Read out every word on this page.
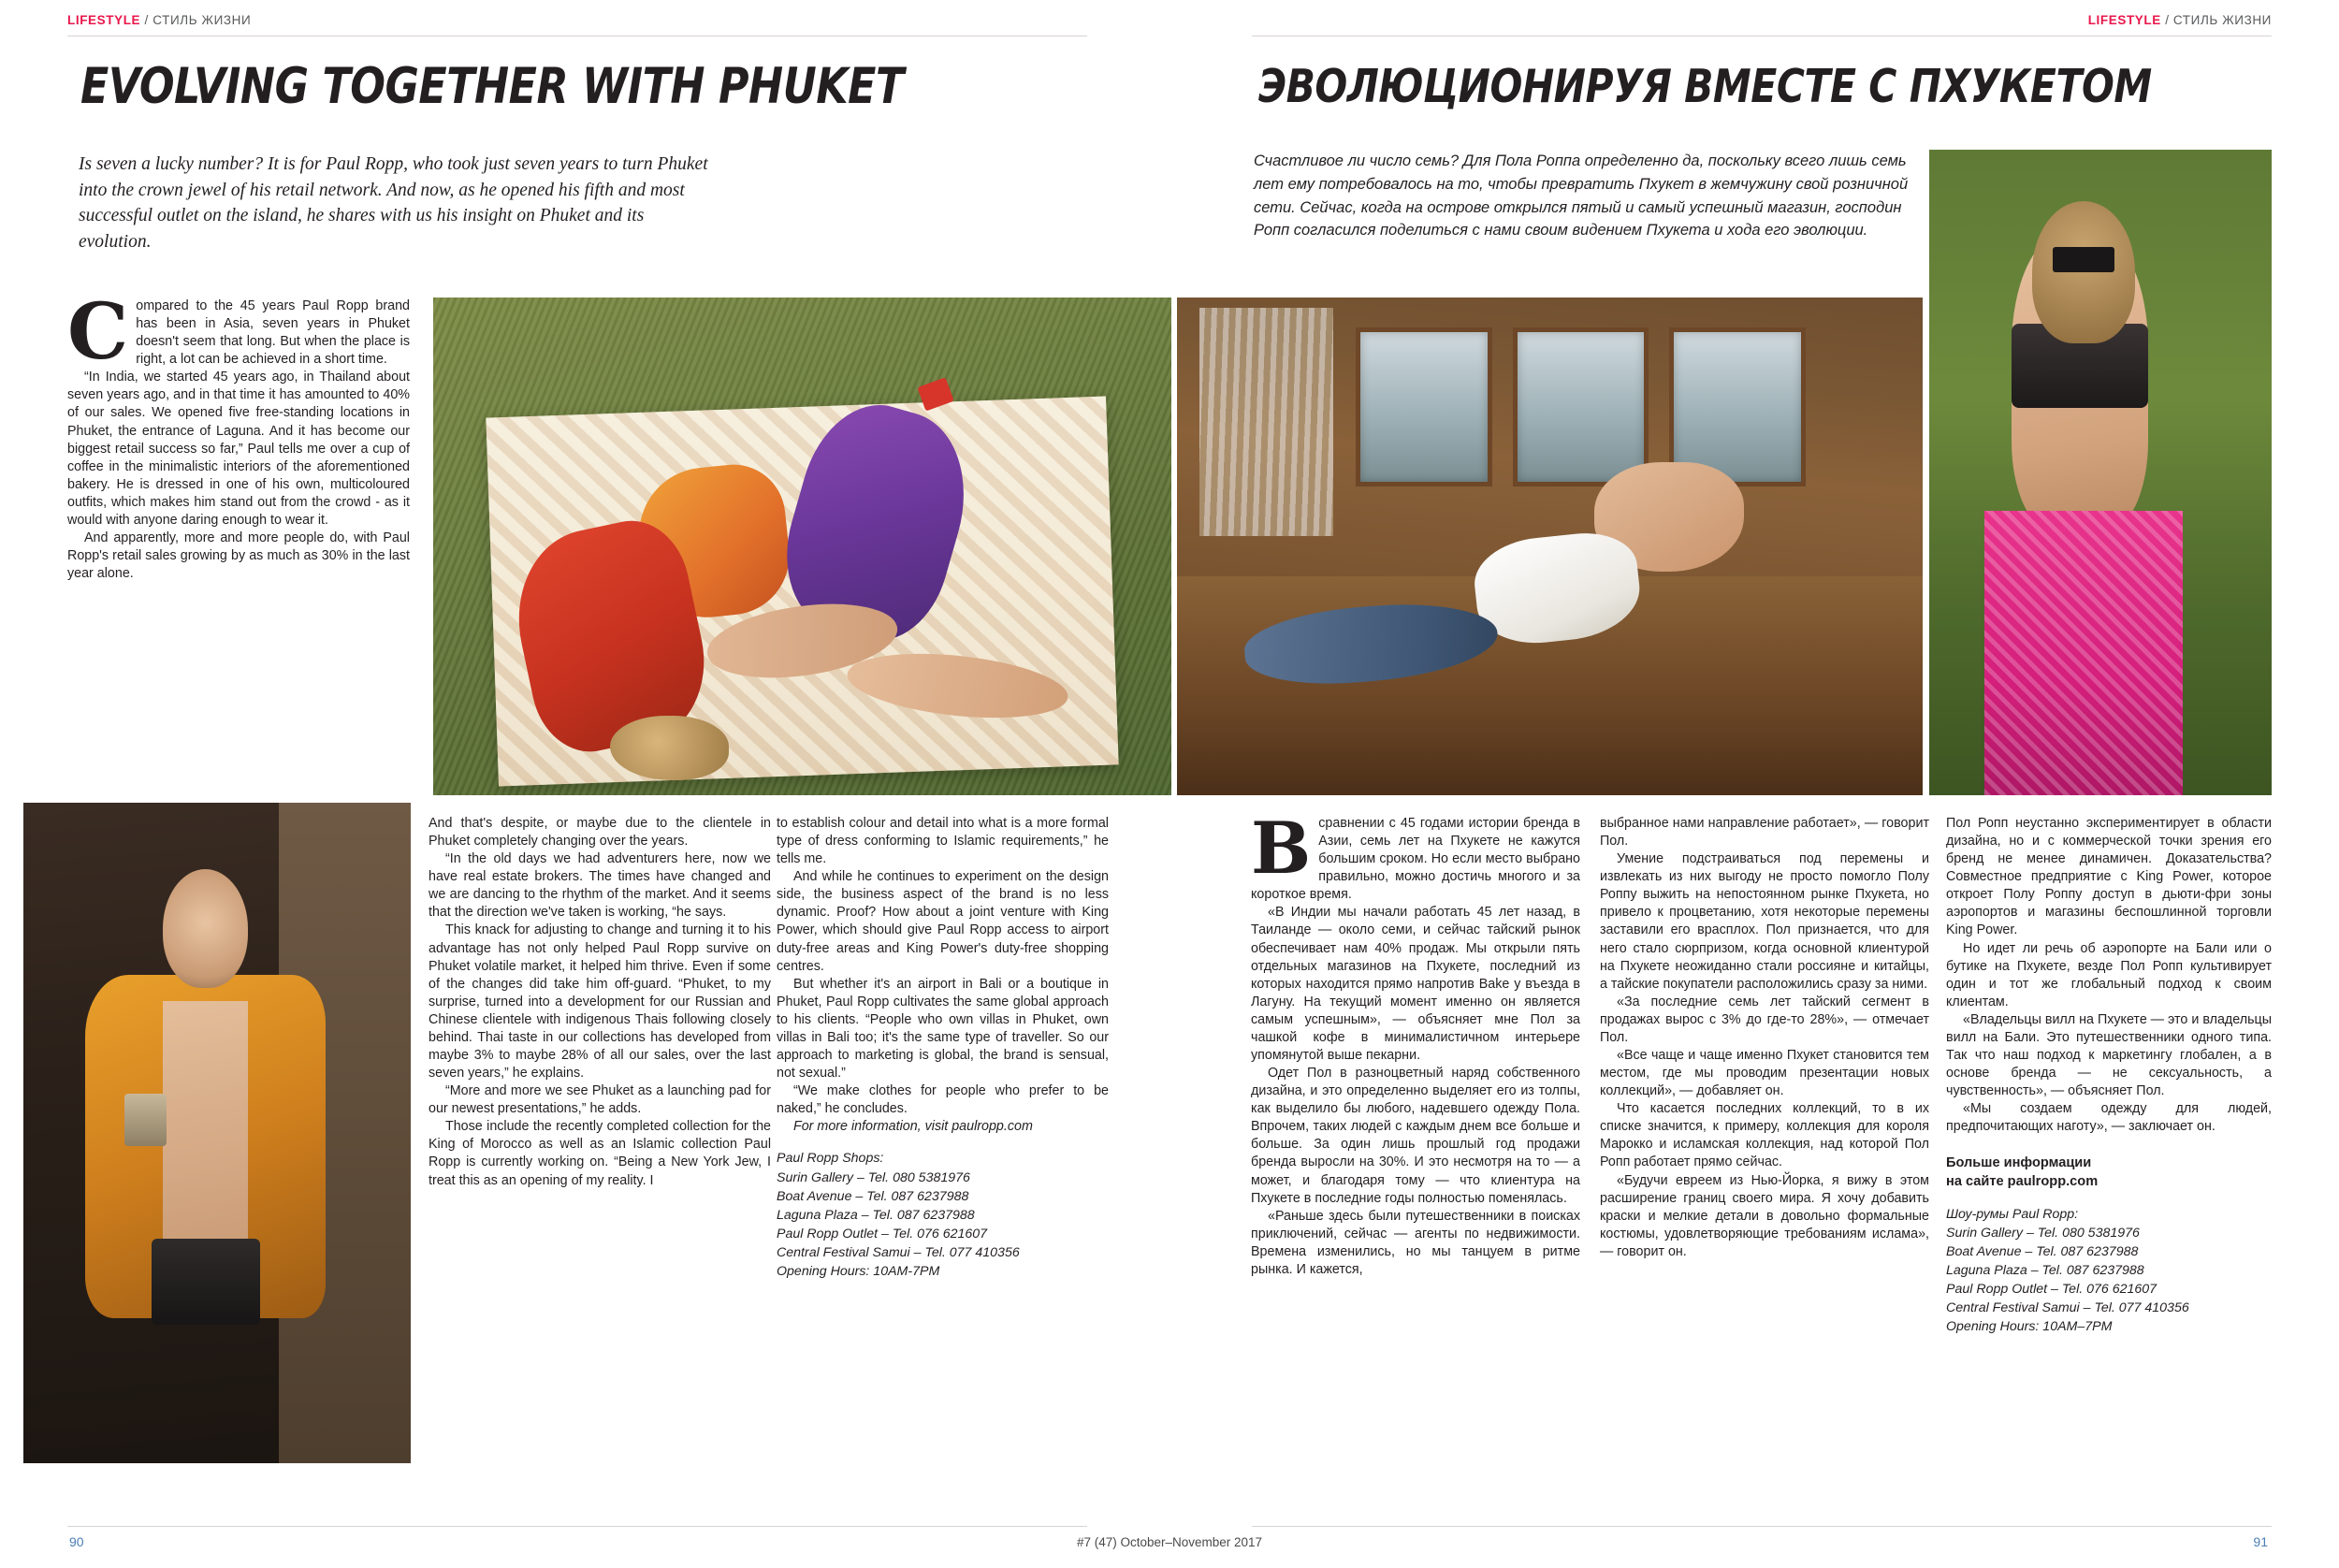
LIFESTYLE / СТИЛЬ ЖИЗНИ	LIFESTYLE / СТИЛЬ ЖИЗНИ
EVOLVING TOGETHER WITH PHUKET	ЭВОЛЮЦИОНИРУЯ ВМЕСТЕ С ПХУКЕТОМ
Is seven a lucky number? It is for Paul Ropp, who took just seven years to turn Phuket into the crown jewel of his retail network. And now, as he opened his fifth and most successful outlet on the island, he shares with us his insight on Phuket and its evolution.
Счастливое ли число семь? Для Пола Роппа определенно да, поскольку всего лишь семь лет ему потребовалось на то, чтобы превратить Пхукет в жемчужину свой розничной сети. Сейчас, когда на острове открылся пятый и самый успешный магазин, господин Ропп согласился поделиться с нами своим видением Пхукета и хода его эволюции.

Compared to the 45 years Paul Ropp brand has been in Asia, seven years in Phuket doesn't seem that long. But when the place is right, a lot can be achieved in a short time.

“In India, we started 45 years ago, in Thailand about seven years ago, and in that time it has amounted to 40% of our sales. We opened five free-standing locations in Phuket, the entrance of Laguna. And it has become our biggest retail success so far,” Paul tells me over a cup of coffee in the minimalistic interiors of the aforementioned bakery. He is dressed in one of his own, multicoloured outfits, which makes him stand out from the crowd - as it would with anyone daring enough to wear it.

And apparently, more and more people do, with Paul Ropp's retail sales growing by as much as 30% in the last year alone.

And that's despite, or maybe due to the clientele in Phuket completely changing over the years.

“In the old days we had adventurers here, now we have real estate brokers. The times have changed and we are dancing to the rhythm of the market. And it seems that the direction we've taken is working, “he says.

This knack for adjusting to change and turning it to his advantage has not only helped Paul Ropp survive on Phuket volatile market, it helped him thrive. Even if some of the changes did take him off-guard. “Phuket, to my surprise, turned into a development for our Russian and Chinese clientele with indigenous Thais following closely behind. Thai taste in our collections has developed from maybe 3% to maybe 28% of all our sales, over the last seven years,” he explains.

“More and more we see Phuket as a launching pad for our newest presentations,” he adds.

Those include the recently completed collection for the King of Morocco as well as an Islamic collection Paul Ropp is currently working on. “Being a New York Jew, I treat this as an opening of my reality. I

to establish colour and detail into what is a more formal type of dress conforming to Islamic requirements,” he tells me.

And while he continues to experiment on the design side, the business aspect of the brand is no less dynamic. Proof? How about a joint venture with King Power, which should give Paul Ropp access to airport duty-free areas and King Power's duty-free shopping centres.

But whether it's an airport in Bali or a boutique in Phuket, Paul Ropp cultivates the same global approach to his clients. “People who own villas in Phuket, own villas in Bali too; it's the same type of traveller. So our approach to marketing is global, the brand is sensual, not sexual.”

“We make clothes for people who prefer to be naked,” he concludes.

For more information, visit paulropp.com

Paul Ropp Shops:
Surin Gallery – Tel. 080 5381976
Boat Avenue – Tel. 087 6237988
Laguna Plaza – Tel. 087 6237988
Paul Ropp Outlet – Tel. 076 621607
Central Festival Samui – Tel. 077 410356
Opening Hours: 10AM-7PM

Всравнении с 45 годами истории бренда в Азии, семь лет на Пхукете не кажутся большим сроком. Но если место выбрано правильно, можно достичь многого и за короткое время.

«В Индии мы начали работать 45 лет назад, в Таиланде — около семи, и сейчас тайский рынок обеспечивает нам 40% продаж. Мы открыли пять отдельных магазинов на Пхукете, последний из которых находится прямо напротив Bake у въезда в Лагуну. На текущий момент именно он является самым успешным», — объясняет мне Пол за чашкой кофе в минималистичном интерьере упомянутой выше пекарни.

Одет Пол в разноцветный наряд собственного дизайна, и это определенно выделяет его из толпы, как выделило бы любого, надевшего одежду Пола. Впрочем, таких людей с каждым днем все больше и больше. За один лишь прошлый год продажи бренда выросли на 30%. И это несмотря на то — а может, и благодаря тому — что клиентура на Пхукете в последние годы полностью поменялась.

«Раньше здесь были путешественники в поисках приключений, сейчас — агенты по недвижимости. Времена изменились, но мы танцуем в ритме рынка. И кажется,

выбранное нами направление работает», — говорит Пол.

Умение подстраиваться под перемены и извлекать из них выгоду не просто помогло Полу Роппу выжить на непостоянном рынке Пхукета, но привело к процветанию, хотя некоторые перемены заставили его врасплох. Пол признается, что для него стало сюрпризом, когда основной клиентурой на Пхукете неожиданно стали россияне и китайцы, а тайские покупатели расположились сразу за ними.

«За последние семь лет тайский сегмент в продажах вырос с 3% до где-то 28%», — отмечает Пол.

«Все чаще и чаще именно Пхукет становится тем местом, где мы проводим презентации новых коллекций», — добавляет он.

Что касается последних коллекций, то в их списке значится, к примеру, коллекция для короля Марокко и исламская коллекция, над которой Пол Ропп работает прямо сейчас.

«Будучи евреем из Нью-Йорка, я вижу в этом расширение границ своего мира. Я хочу добавить краски и мелкие детали в довольно формальные костюмы, удовлетворяющие требованиям ислама», — говорит он.

Пол Ропп неустанно экспериментирует в области дизайна, но и с коммерческой точки зрения его бренд не менее динамичен. Доказательства? Совместное предприятие с King Power, которое откроет Полу Роппу доступ в дьюти-фри зоны аэропортов и магазины беспошлинной торговли King Power.

Но идет ли речь об аэропорте на Бали или о бутике на Пхукете, везде Пол Ропп культивирует один и тот же глобальный подход к своим клиентам.

«Владельцы вилл на Пхукете — это и владельцы вилл на Бали. Это путешественники одного типа. Так что наш подход к маркетингу глобален, а в основе бренда — не сексуальность, а чувственность», — объясняет Пол.

«Мы создаем одежду для людей, предпочитающих наготу», — заключает он.

Больше информации
на сайте paulropp.com
Шоу-румы Paul Ropp:
Surin Gallery – Tel. 080 5381976
Boat Avenue – Tel. 087 6237988
Laguna Plaza – Tel. 087 6237988
Paul Ropp Outlet – Tel. 076 621607
Central Festival Samui – Tel. 077 410356
Opening Hours: 10AM–7PM
90	91
#7 (47) October–November 2017
